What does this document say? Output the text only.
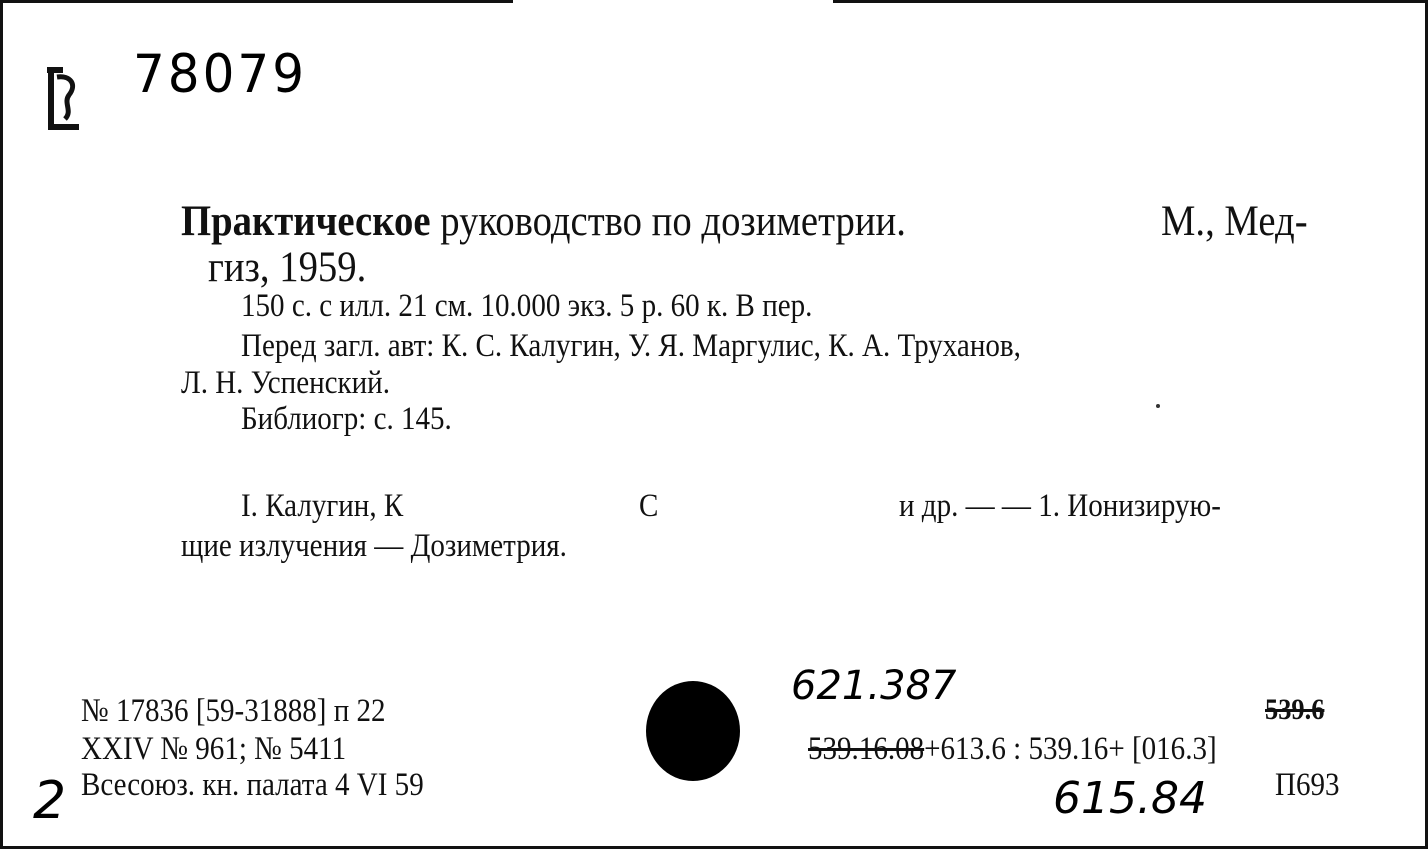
78079
Практическое руководство по дозиметрии.	М., Мед-
гиз, 1959.
150 с. с илл. 21 см. 10.000 экз. 5 р. 60 к. В пер.
Перед загл. авт: К. С. Калугин, У. Я. Маргулис, К. А. Труханов,
Л. Н. Успенский.
Библиогр: с. 145.
I. Калугин, К	С	и др. — — 1. Ионизирую-
щие излучения — Дозиметрия.
№ 17836 [59-31888] п 22
XXIV № 961; № 5411
Всесоюз. кн. палата 4 VI 59
621.387
539.6
539.16.08+613.6 : 539.16+ [016.3]
П693
615.84
2
